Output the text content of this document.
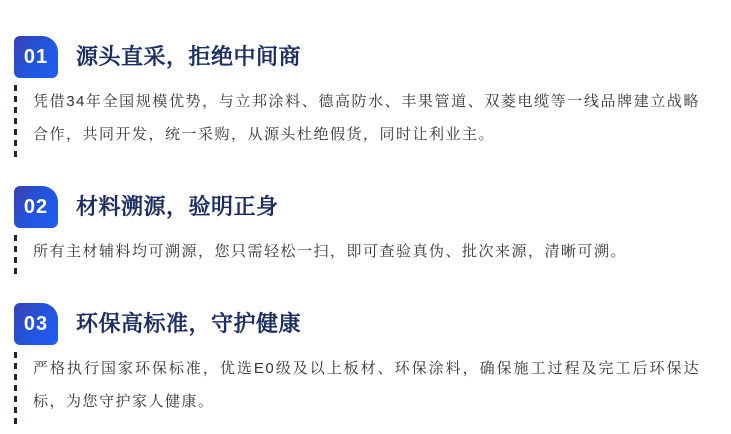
01	源头直采，拒绝中间商

凭借34年全国规模优势，与立邦涂料、德高防水、丰果管道、双菱电缆等一线品牌建立战略合作，共同开发，统一采购，从源头杜绝假货，同时让利业主。

02	材料溯源，验明正身

所有主材辅料均可溯源，您只需轻松一扫，即可查验真伪、批次来源，清晰可溯。

03	环保高标准，守护健康

严格执行国家环保标准，优选E0级及以上板材、环保涂料，确保施工过程及完工后环保达标，为您守护家人健康。
